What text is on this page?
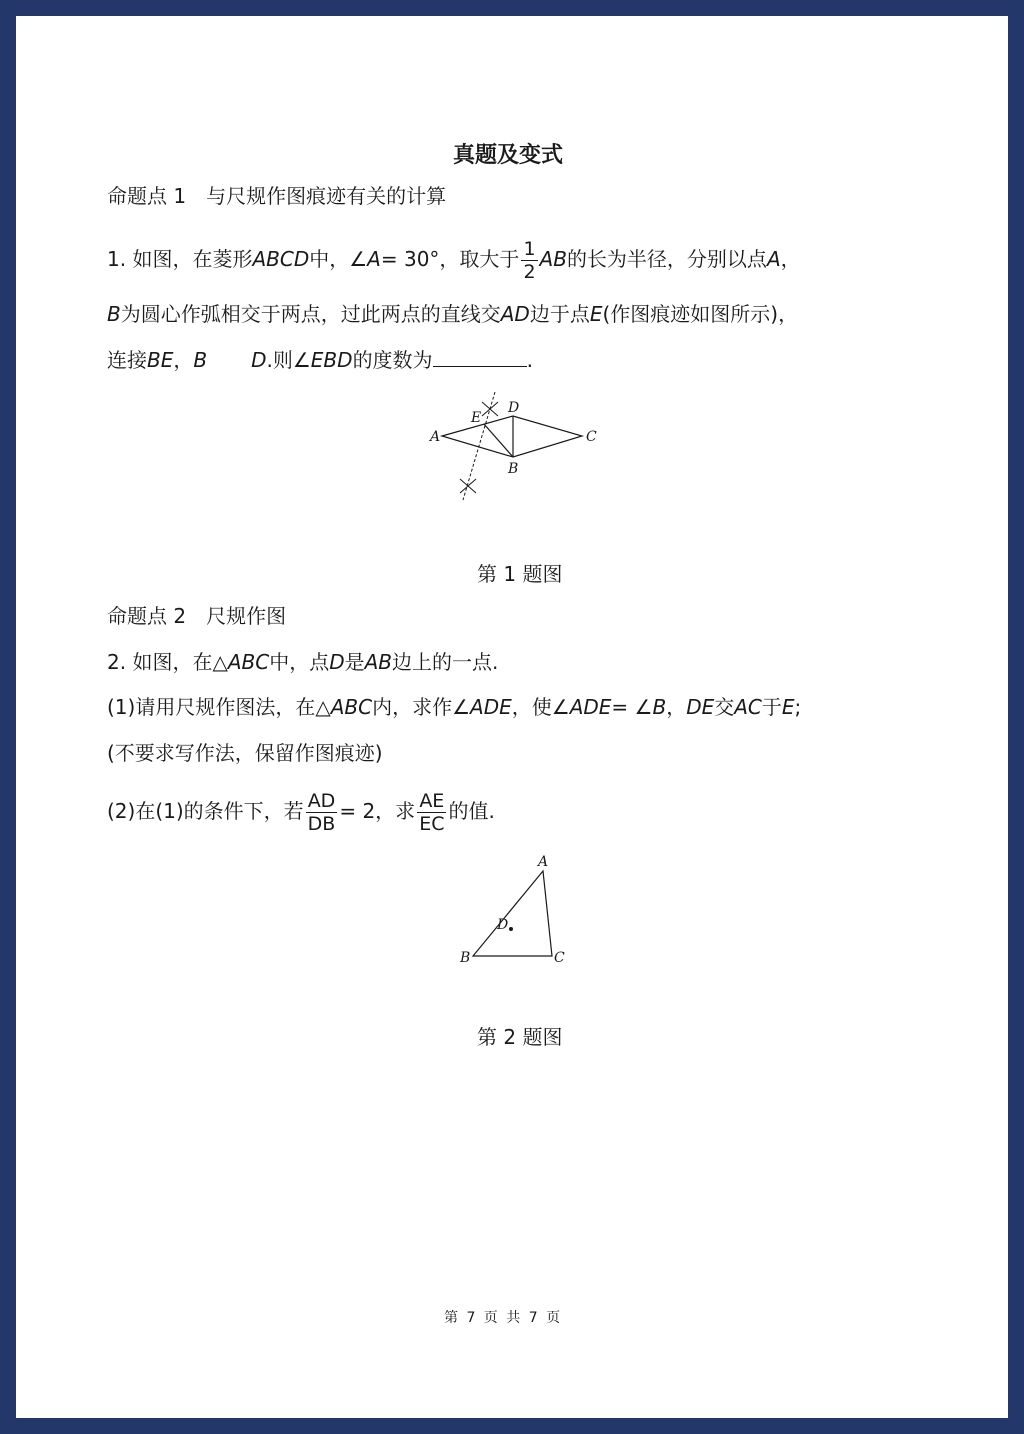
真题及变式
命题点 1　与尺规作图痕迹有关的计算
1. 如图，在菱形ABCD中，∠A= 30°，取大于 $\frac{1}{2}$ AB的长为半径，分别以点A，
B为圆心作弧相交于两点，过此两点的直线交AD边于点E(作图痕迹如图所示)，
连接BE，B D.则∠EBD的度数为	.
A
E
D
C
B
第 1 题图
命题点 2　尺规作图
2. 如图，在△ABC中，点D是AB边上的一点.
(1)请用尺规作图法，在△ABC内，求作∠ADE，使∠ADE= ∠B，DE交AC于E;
(不要求写作法，保留作图痕迹)
(2)在(1)的条件下，若 $\frac{AD}{DB} = 2$，求 $\frac{AE}{EC}$ 的值.
A
D
B	C
第 2 题图
第 7 页 共 7 页
